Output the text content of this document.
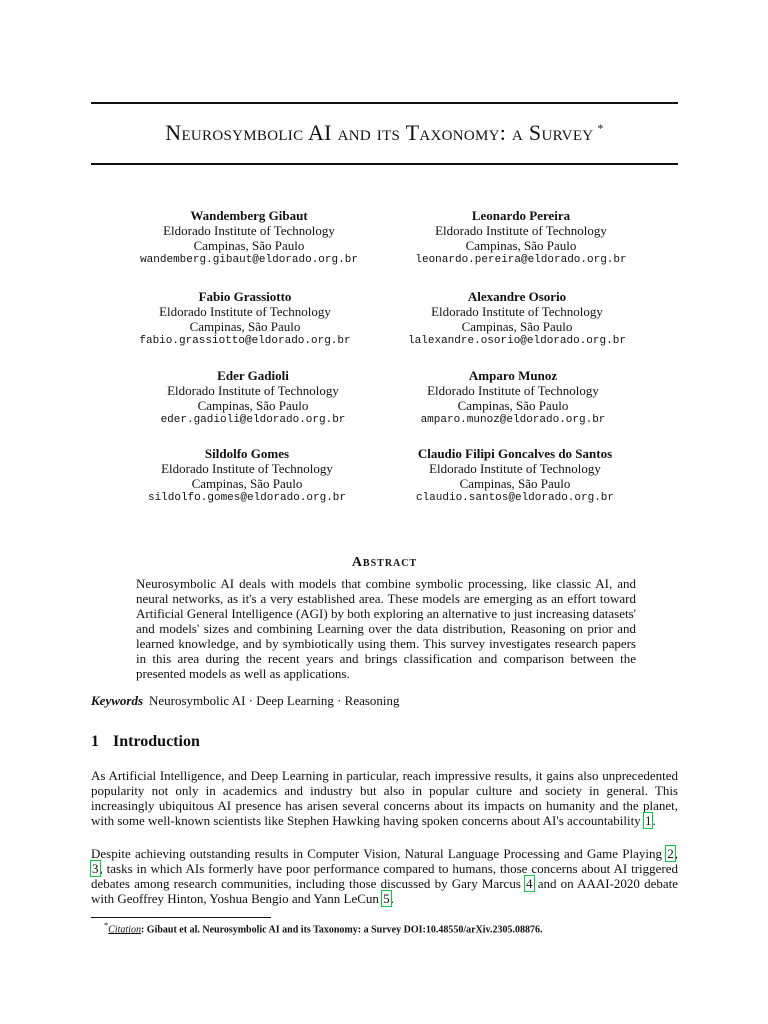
Neurosymbolic AI and its Taxonomy: a Survey *
Wandemberg Gibaut
Eldorado Institute of Technology
Campinas, São Paulo
wandemberg.gibaut@eldorado.org.br
Leonardo Pereira
Eldorado Institute of Technology
Campinas, São Paulo
leonardo.pereira@eldorado.org.br
Fabio Grassiotto
Eldorado Institute of Technology
Campinas, São Paulo
fabio.grassiotto@eldorado.org.br
Alexandre Osorio
Eldorado Institute of Technology
Campinas, São Paulo
lalexandre.osorio@eldorado.org.br
Eder Gadioli
Eldorado Institute of Technology
Campinas, São Paulo
eder.gadioli@eldorado.org.br
Amparo Munoz
Eldorado Institute of Technology
Campinas, São Paulo
amparo.munoz@eldorado.org.br
Sildolfo Gomes
Eldorado Institute of Technology
Campinas, São Paulo
sildolfo.gomes@eldorado.org.br
Claudio Filipi Goncalves do Santos
Eldorado Institute of Technology
Campinas, São Paulo
claudio.santos@eldorado.org.br
Abstract
Neurosymbolic AI deals with models that combine symbolic processing, like classic AI, and neural networks, as it's a very established area. These models are emerging as an effort toward Artificial General Intelligence (AGI) by both exploring an alternative to just increasing datasets' and models' sizes and combining Learning over the data distribution, Reasoning on prior and learned knowledge, and by symbiotically using them. This survey investigates research papers in this area during the recent years and brings classification and comparison between the presented models as well as applications.
Keywords Neurosymbolic AI · Deep Learning · Reasoning
1 Introduction
As Artificial Intelligence, and Deep Learning in particular, reach impressive results, it gains also unprecedented popularity not only in academics and industry but also in popular culture and society in general. This increasingly ubiquitous AI presence has arisen several concerns about its impacts on humanity and the planet, with some well-known scientists like Stephen Hawking having spoken concerns about AI's accountability 1.
Despite achieving outstanding results in Computer Vision, Natural Language Processing and Game Playing 2, 3, tasks in which AIs formerly have poor performance compared to humans, those concerns about AI triggered debates among research communities, including those discussed by Gary Marcus 4 and on AAAI-2020 debate with Geoffrey Hinton, Yoshua Bengio and Yann LeCun 5.
*Citation: Gibaut et al. Neurosymbolic AI and its Taxonomy: a Survey DOI:10.48550/arXiv.2305.08876.
